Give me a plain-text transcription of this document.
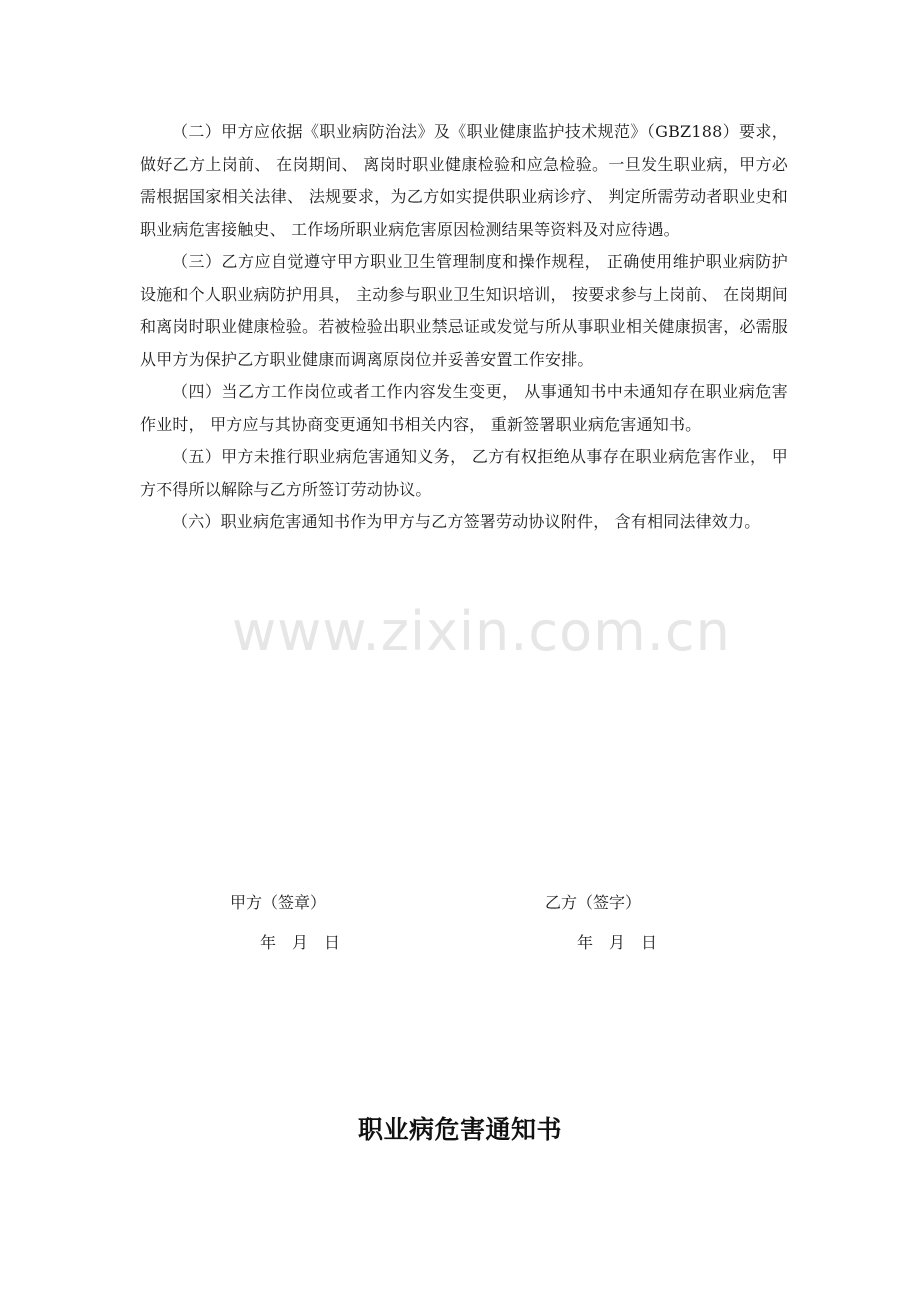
（二）甲方应依据《职业病防治法》及《职业健康监护技术规范》（GBZ188）要求， 做好乙方上岗前、 在岗期间、 离岗时职业健康检验和应急检验。一旦发生职业病，甲方必需根据国家相关法律、 法规要求，为乙方如实提供职业病诊疗、 判定所需劳动者职业史和职业病危害接触史、 工作场所职业病危害原因检测结果等资料及对应待遇。

（三）乙方应自觉遵守甲方职业卫生管理制度和操作规程， 正确使用维护职业病防护设施和个人职业病防护用具， 主动参与职业卫生知识培训， 按要求参与上岗前、 在岗期间和离岗时职业健康检验。若被检验出职业禁忌证或发觉与所从事职业相关健康损害，必需服从甲方为保护乙方职业健康而调离原岗位并妥善安置工作安排。

（四）当乙方工作岗位或者工作内容发生变更， 从事通知书中未通知存在职业病危害作业时， 甲方应与其协商变更通知书相关内容， 重新签署职业病危害通知书。

（五）甲方未推行职业病危害通知义务， 乙方有权拒绝从事存在职业病危害作业， 甲方不得所以解除与乙方所签订劳动协议。

（六）职业病危害通知书作为甲方与乙方签署劳动协议附件， 含有相同法律效力。

www.zixin.com.cn
甲方（签章）	乙方（签字）
年　月　日	年　月　日
职业病危害通知书
